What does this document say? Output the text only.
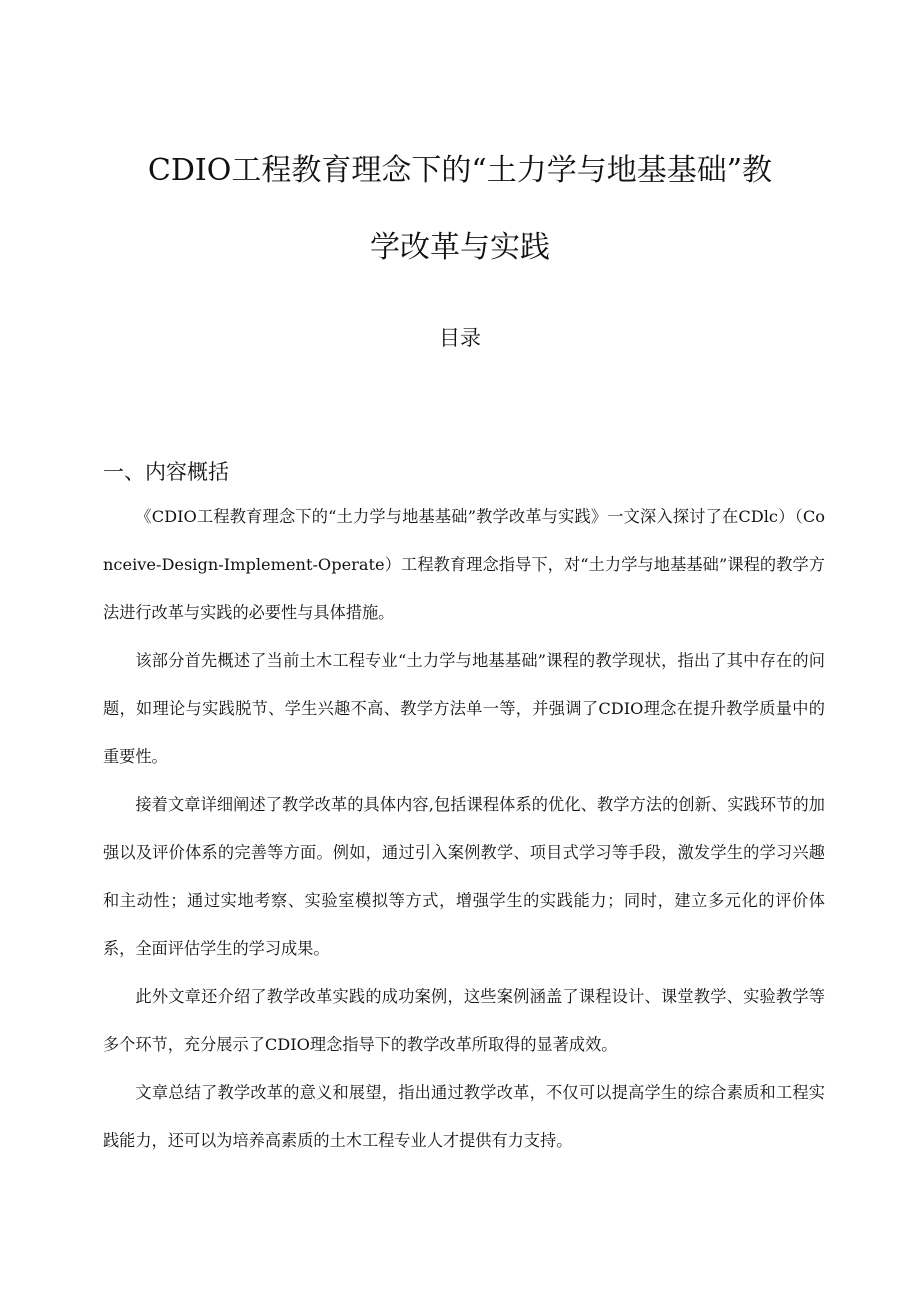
CDIO工程教育理念下的“土力学与地基基础”教
学改革与实践
目录
一、内容概括

《CDIO工程教育理念下的“土力学与地基基础”教学改革与实践》一文深入探讨了在CDlc）（Conceive-Design-Implement-Operate）工程教育理念指导下，对“土力学与地基基础”课程的教学方法进行改革与实践的必要性与具体措施。

该部分首先概述了当前土木工程专业“土力学与地基基础”课程的教学现状，指出了其中存在的问题，如理论与实践脱节、学生兴趣不高、教学方法单一等，并强调了CDIO理念在提升教学质量中的重要性。

接着文章详细阐述了教学改革的具体内容,包括课程体系的优化、教学方法的创新、实践环节的加强以及评价体系的完善等方面。例如，通过引入案例教学、项目式学习等手段，激发学生的学习兴趣和主动性；通过实地考察、实验室模拟等方式，增强学生的实践能力；同时，建立多元化的评价体系，全面评估学生的学习成果。

此外文章还介绍了教学改革实践的成功案例，这些案例涵盖了课程设计、课堂教学、实验教学等多个环节，充分展示了CDIO理念指导下的教学改革所取得的显著成效。

文章总结了教学改革的意义和展望，指出通过教学改革，不仅可以提高学生的综合素质和工程实践能力，还可以为培养高素质的土木工程专业人才提供有力支持。
